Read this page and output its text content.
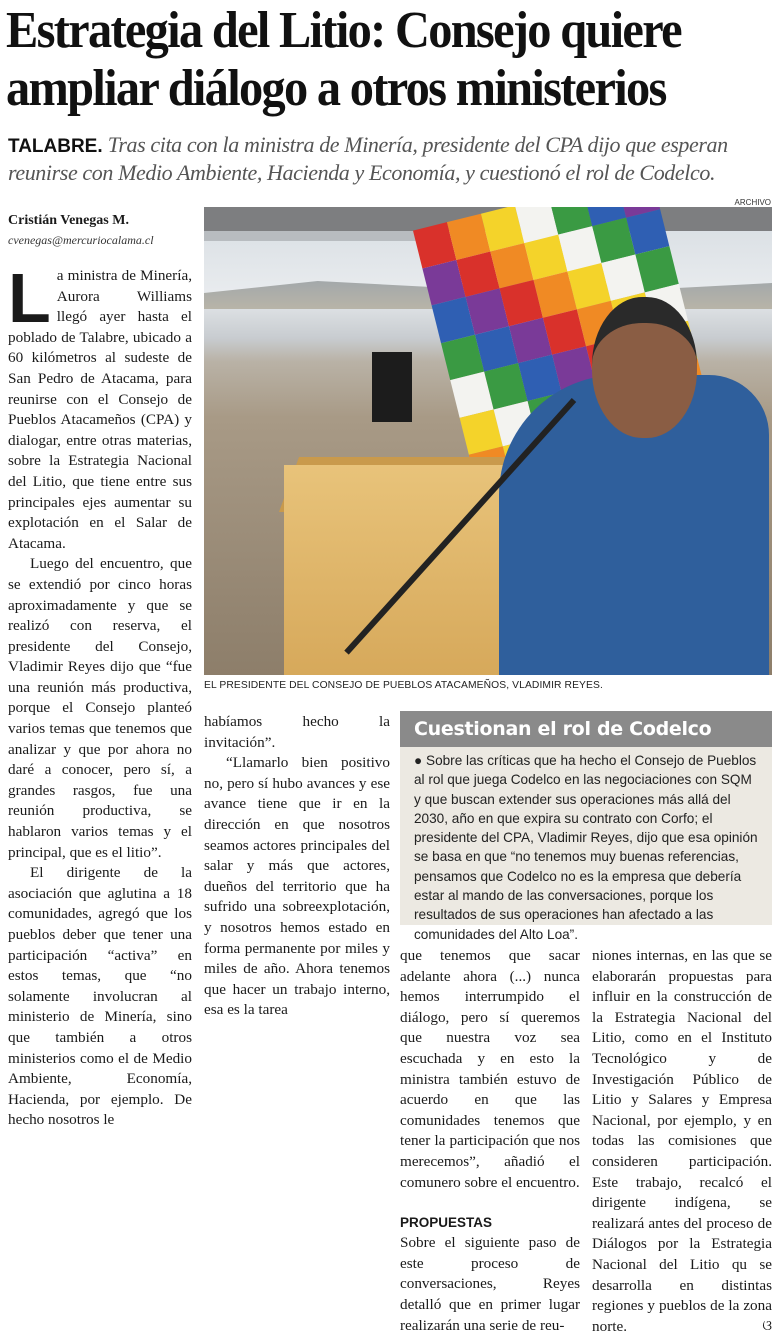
Estrategia del Litio: Consejo quiere
ampliar diálogo a otros ministerios
TALABRE. Tras cita con la ministra de Minería, presidente del CPA dijo que esperan reunirse con Medio Ambiente, Hacienda y Economía, y cuestionó el rol de Codelco.
ARCHIVO
EL PRESIDENTE DEL CONSEJO DE PUEBLOS ATACAMEÑOS, VLADIMIR REYES.
Cristián Venegas M.
cvenegas@mercuriocalama.cl

La ministra de Minería, Aurora Williams llegó ayer hasta el poblado de Talabre, ubicado a 60 kilómetros al sudeste de San Pedro de Atacama, para reunirse con el Consejo de Pueblos Atacameños (CPA) y dialogar, entre otras materias, sobre la Estrategia Nacional del Litio, que tiene entre sus principales ejes aumentar su explotación en el Salar de Atacama.

Luego del encuentro, que se extendió por cinco horas aproximadamente y que se realizó con reserva, el presidente del Consejo, Vladimir Reyes dijo que “fue una reunión más productiva, porque el Consejo planteó varios temas que tenemos que analizar y que por ahora no daré a conocer, pero sí, a grandes rasgos, fue una reunión productiva, se hablaron varios temas y el principal, que es el litio”.

El dirigente de la asociación que aglutina a 18 comunidades, agregó que los pueblos deber que tener una participación “activa” en estos temas, que “no solamente involucran al ministerio de Minería, sino que también a otros ministerios como el de Medio Ambiente, Economía, Hacienda, por ejemplo. De hecho nosotros le

habíamos hecho la invitación”.

“Llamarlo bien positivo no, pero sí hubo avances y ese avance tiene que ir en la dirección en que nosotros seamos actores principales del salar y más que actores, dueños del territorio que ha sufrido una sobreexplotación, y nosotros hemos estado en forma permanente por miles y miles de año. Ahora tenemos que hacer un trabajo interno, esa es la tarea

Cuestionan el rol de Codelco
● Sobre las críticas que ha hecho el Consejo de Pueblos al rol que juega Codelco en las negociaciones con SQM y que buscan extender sus operaciones más allá del 2030, año en que expira su contrato con Corfo; el presidente del CPA, Vladimir Reyes, dijo que esa opinión se basa en que “no tenemos muy buenas referencias, pensamos que Codelco no es la empresa que debería estar al mando de las conversaciones, porque los resultados de sus operaciones han afectado a las comunidades del Alto Loa”.

que tenemos que sacar adelante ahora (...) nunca hemos interrumpido el diálogo, pero sí queremos que nuestra voz sea escuchada y en esto la ministra también estuvo de acuerdo en que las comunidades tenemos que tener la participación que nos merecemos”, añadió el comunero sobre el encuentro.

PROPUESTAS

Sobre el siguiente paso de este proceso de conversaciones, Reyes detalló que en primer lugar realizarán una serie de reu-

niones internas, en las que se elaborarán propuestas para influir en la construcción de la Estrategia Nacional del Litio, como en el Instituto Tecnológico y de Investigación Público de Litio y Salares y Empresa Nacional, por ejemplo, y en todas las comisiones que consideren participación. Este trabajo, recalcó el dirigente indígena, se realizará antes del proceso de Diálogos por la Estrategia Nacional del Litio qu se desarrolla en distintas regiones y pueblos de la zona norte.	ଓ
